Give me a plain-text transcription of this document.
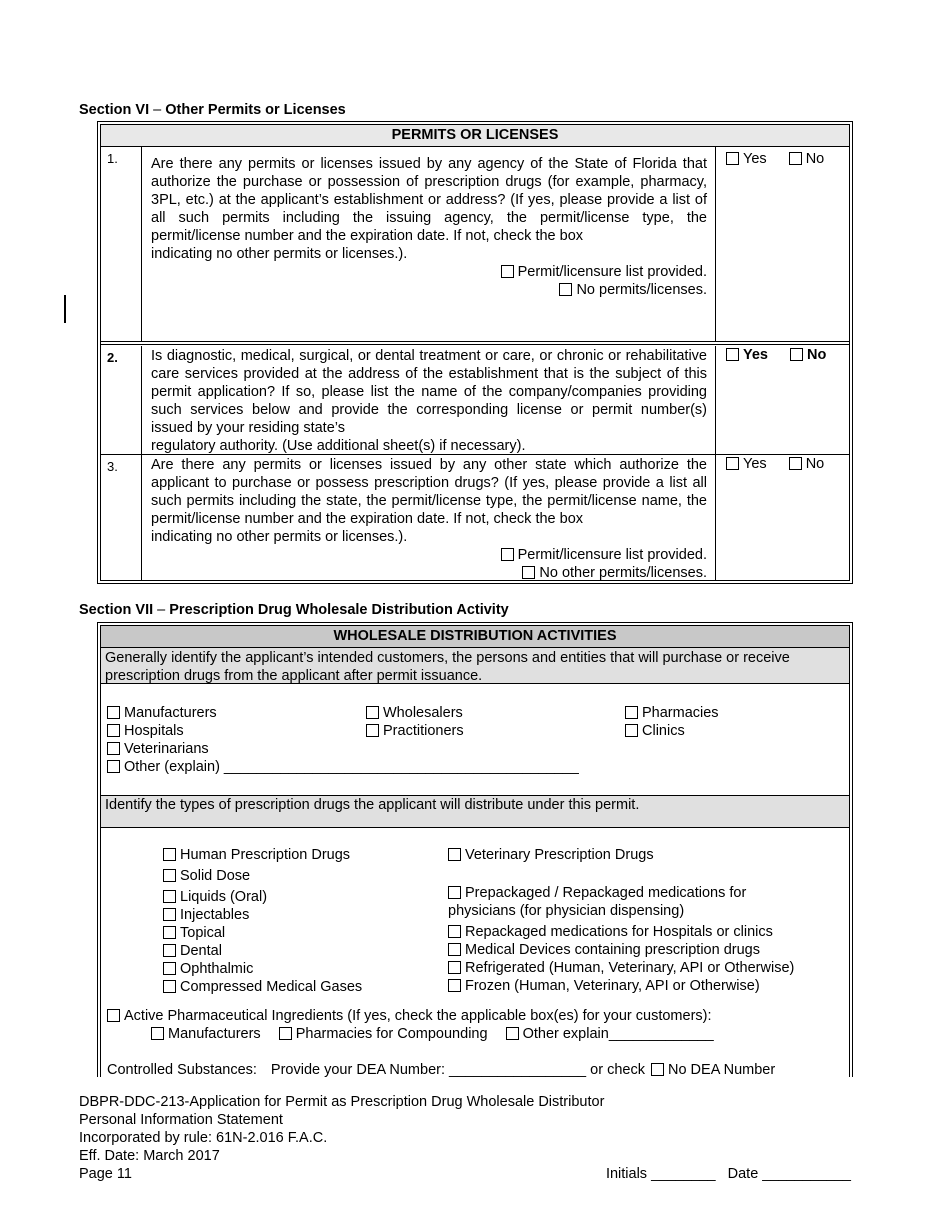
Section VI – Other Permits or Licenses
PERMITS OR LICENSES
1.	Are there any permits or licenses issued by any agency of the State of Florida that authorize the purchase or possession of prescription drugs (for example, pharmacy, 3PL, etc.) at the applicant’s establishment or address? (If yes, please provide a list of all such permits including the issuing agency, the permit/license type, the permit/license number and the expiration date. If not, check the box
indicating no other permits or licenses.).
Permit/licensure list provided.
No permits/licenses.
Yes	No
2.	Is diagnostic, medical, surgical, or dental treatment or care, or chronic or rehabilitative care services provided at the address of the establishment that is the subject of this permit application? If so, please list the name of the company/companies providing such services below and provide the corresponding license or permit number(s) issued by your residing state’s
regulatory authority. (Use additional sheet(s) if necessary).
Yes	No
3.	Are there any permits or licenses issued by any other state which authorize the applicant to purchase or possess prescription drugs? (If yes, please provide a list all such permits including the state, the permit/license type, the permit/license name, the permit/license number and the expiration date. If not, check the box
indicating no other permits or licenses.).
Permit/licensure list provided.
No other permits/licenses.
Yes	No
Section VII – Prescription Drug Wholesale Distribution Activity
WHOLESALE DISTRIBUTION ACTIVITIES
Generally identify the applicant’s intended customers, the persons and entities that will purchase or receive prescription drugs from the applicant after permit issuance.
Manufacturers
Hospitals
Veterinarians
Other (explain) ____________________________________________
Wholesalers
Practitioners
Pharmacies
Clinics
Identify the types of prescription drugs the applicant will distribute under this permit.
Human Prescription Drugs
Solid Dose
Liquids (Oral)
Injectables
Topical
Dental
Ophthalmic
Compressed Medical Gases
Veterinary Prescription Drugs
Prepackaged / Repackaged medications for
physicians (for physician dispensing)
Repackaged medications for Hospitals or clinics
Medical Devices containing prescription drugs
Refrigerated (Human, Veterinary, API or Otherwise)
Frozen (Human, Veterinary, API or Otherwise)
Active Pharmaceutical Ingredients (If yes, check the applicable box(es) for your customers):
Manufacturers Pharmacies for Compounding Other explain_____________
Controlled Substances: Provide your DEA Number: _________________ or check No DEA Number
DBPR-DDC-213-Application for Permit as Prescription Drug Wholesale Distributor
Personal Information Statement
Incorporated by rule: 61N-2.016 F.A.C.
Eff. Date: March 2017
Page 11	Initials ________ Date ___________
